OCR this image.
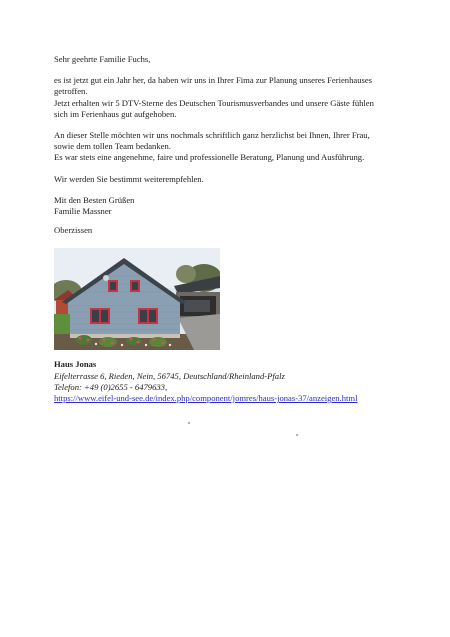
Sehr geehrte Familie Fuchs,

es ist jetzt gut ein Jahr her, da haben wir uns in Ihrer Fima zur Planung unseres Ferienhauses
getroffen.
Jetzt erhalten wir 5 DTV-Sterne des Deutschen Tourismusverbandes und unsere Gäste fühlen
sich im Ferienhaus gut aufgehoben.

An dieser Stelle möchten wir uns nochmals schriftlich ganz herzlichst bei Ihnen, Ihrer Frau,
sowie dem tollen Team bedanken.
Es war stets eine angenehme, faire und professionelle Beratung, Planung und Ausführung.

Wir werden Sie bestimmt weiterempfehlen.

Mit den Besten Grüßen
Familie Massner

Oberzissen

Haus Jonas
Eifelterrasse 6, Rieden, Nein, 56745, Deutschland/Rheinland-Pfalz
Telefon: +49 (0)2655 - 6479633,
https://www.eifel-und-see.de/index.php/component/jomres/haus-jonas-37/anzeigen.html
